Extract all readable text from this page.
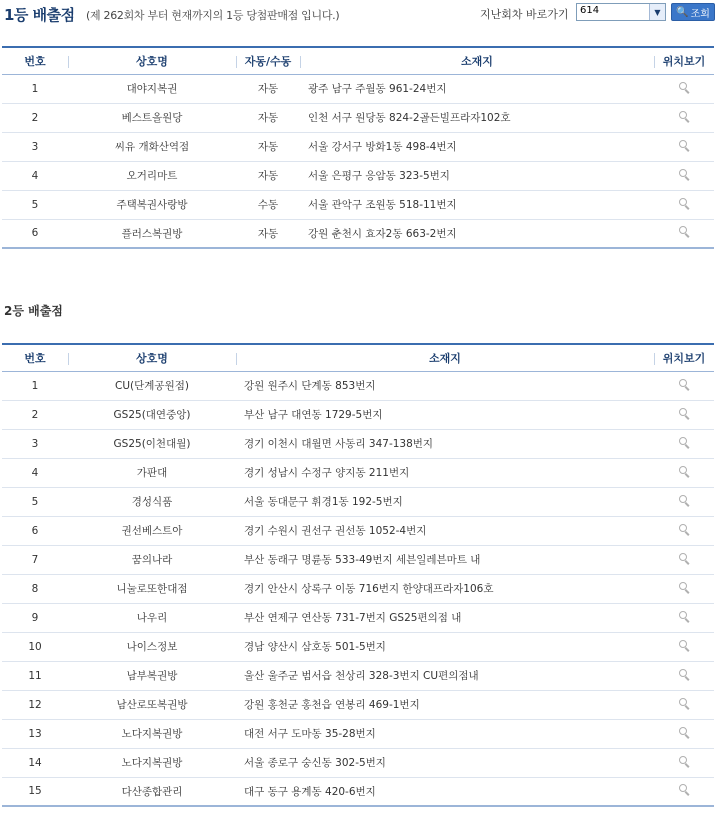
1등 배출점 (제 262회차 부터 현재까지의 1등 당첨판매점 입니다.)	지난회차 바로가기	614	▼	🔍 조회
번호	상호명	자동/수동	소재지	위치보기
1	대야지복권	자동	광주 남구 주월동 961-24번지	
2	베스트올원당	자동	인천 서구 원당동 824-2골든빌프라자102호	
3	씨유 개화산역점	자동	서울 강서구 방화1동 498-4번지	
4	오거리마트	자동	서울 은평구 응암동 323-5번지	
5	주택복권사랑방	수동	서울 관악구 조원동 518-11번지	
6	플러스복권방	자동	강원 춘천시 효자2동 663-2번지	
2등 배출점
번호	상호명	소재지	위치보기
1	CU(단계공원점)	강원 원주시 단계동 853번지	
2	GS25(대연중앙)	부산 남구 대연동 1729-5번지	
3	GS25(이천대월)	경기 이천시 대월면 사동리 347-138번지	
4	가판대	경기 성남시 수정구 양지동 211번지	
5	경성식품	서울 동대문구 휘경1동 192-5번지	
6	권선베스트아	경기 수원시 권선구 권선동 1052-4번지	
7	꿈의나라	부산 동래구 명륜동 533-49번지 세븐일레븐마트 내	
8	니눌로또한대점	경기 안산시 상록구 이동 716번지 한양대프라자106호	
9	나우리	부산 연제구 연산동 731-7번지 GS25편의점 내	
10	나이스정보	경남 양산시 삼호동 501-5번지	
11	남부복권방	울산 울주군 범서읍 천상리 328-3번지 CU편의점내	
12	남산로또복권방	강원 홍천군 홍천읍 연봉리 469-1번지	
13	노다지복권방	대전 서구 도마동 35-28번지	
14	노다지복권방	서울 종로구 숭신동 302-5번지	
15	다산종합관리	대구 동구 용계동 420-6번지	
